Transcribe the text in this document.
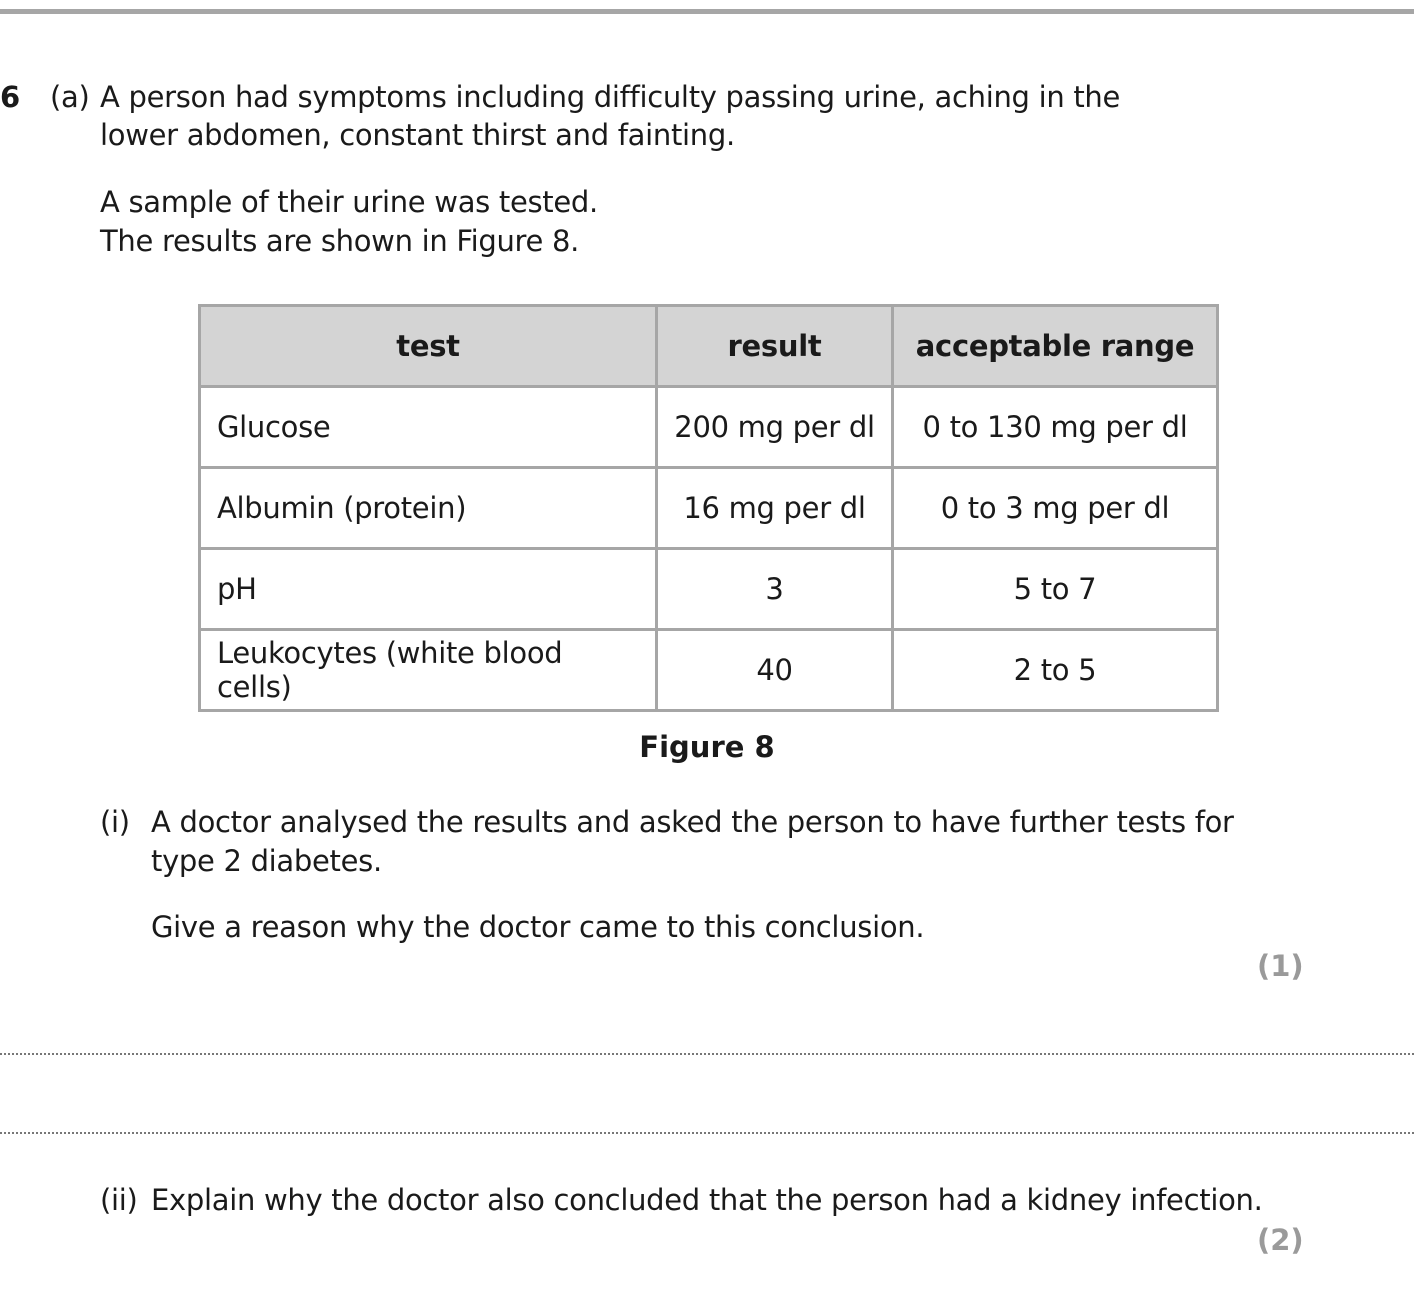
6 (a) A person had symptoms including difficulty passing urine, aching in the
lower abdomen, constant thirst and fainting.
A sample of their urine was tested.
The results are shown in Figure 8.
test	result	acceptable range
Glucose	200 mg per dl	0 to 130 mg per dl
Albumin (protein)	16 mg per dl	0 to 3 mg per dl
pH	3	5 to 7
Leukocytes (white blood cells)	40	2 to 5
Figure 8
(i) A doctor analysed the results and asked the person to have further tests for
type 2 diabetes.
Give a reason why the doctor came to this conclusion.
(1)
(ii) Explain why the doctor also concluded that the person had a kidney infection.
(2)
